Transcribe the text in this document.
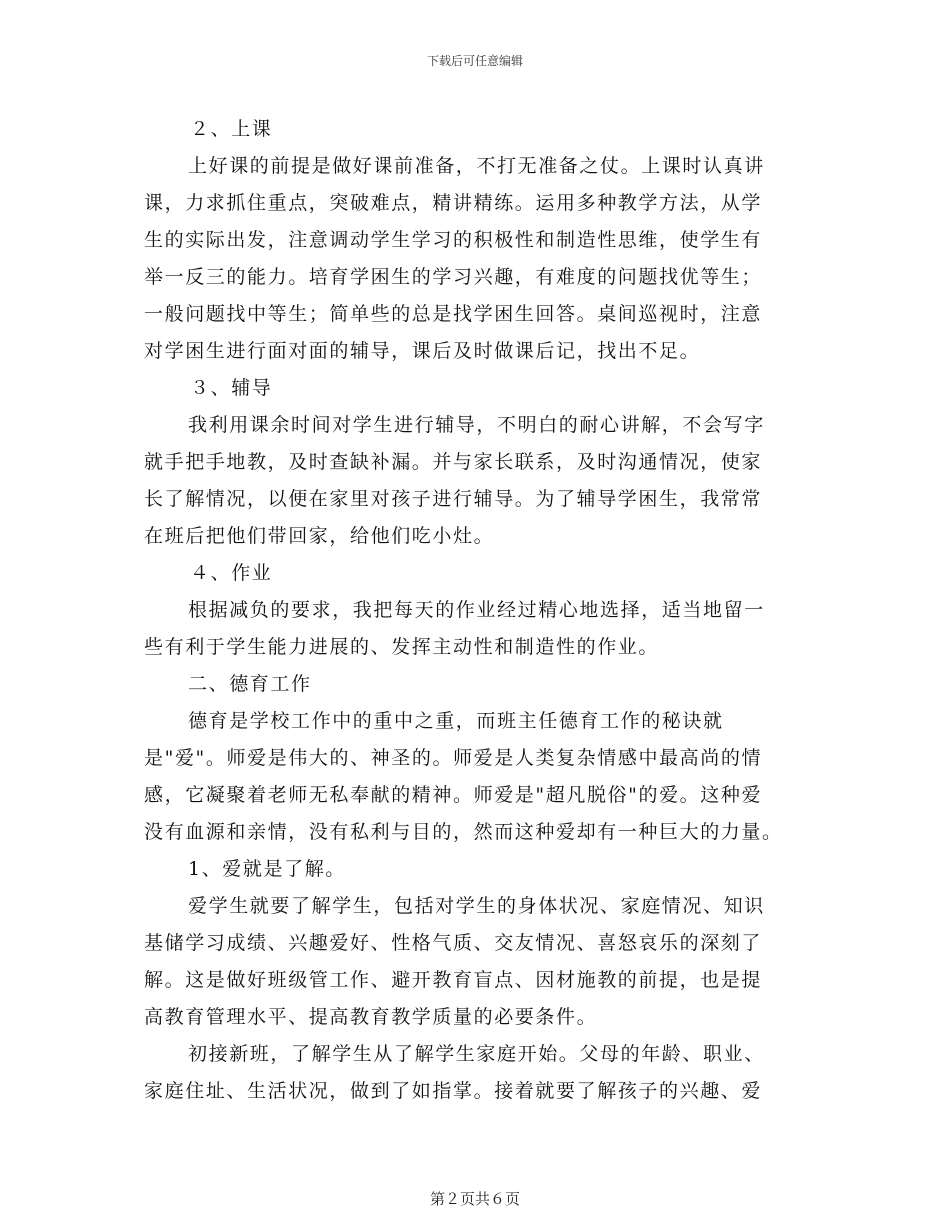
下载后可任意编辑
２、上课
上好课的前提是做好课前准备，不打无准备之仗。上课时认真讲
课，力求抓住重点，突破难点，精讲精练。运用多种教学方法，从学
生的实际出发，注意调动学生学习的积极性和制造性思维，使学生有
举一反三的能力。培育学困生的学习兴趣，有难度的问题找优等生；
一般问题找中等生；简单些的总是找学困生回答。桌间巡视时，注意
对学困生进行面对面的辅导，课后及时做课后记，找出不足。
３、辅导
我利用课余时间对学生进行辅导，不明白的耐心讲解，不会写字
就手把手地教，及时查缺补漏。并与家长联系，及时沟通情况，使家
长了解情况，以便在家里对孩子进行辅导。为了辅导学困生，我常常
在班后把他们带回家，给他们吃小灶。
４、作业
根据减负的要求，我把每天的作业经过精心地选择，适当地留一
些有利于学生能力进展的、发挥主动性和制造性的作业。
二、德育工作
德育是学校工作中的重中之重，而班主任德育工作的秘诀就
是"爱"。师爱是伟大的、神圣的。师爱是人类复杂情感中最高尚的情
感，它凝聚着老师无私奉献的精神。师爱是"超凡脱俗"的爱。这种爱
没有血源和亲情，没有私利与目的，然而这种爱却有一种巨大的力量。
1、爱就是了解。
爱学生就要了解学生，包括对学生的身体状况、家庭情况、知识
基储学习成绩、兴趣爱好、性格气质、交友情况、喜怒哀乐的深刻了
解。这是做好班级管工作、避开教育盲点、因材施教的前提，也是提
高教育管理水平、提高教育教学质量的必要条件。
初接新班，了解学生从了解学生家庭开始。父母的年龄、职业、
家庭住址、生活状况，做到了如指掌。接着就要了解孩子的兴趣、爱
第２页共６页
